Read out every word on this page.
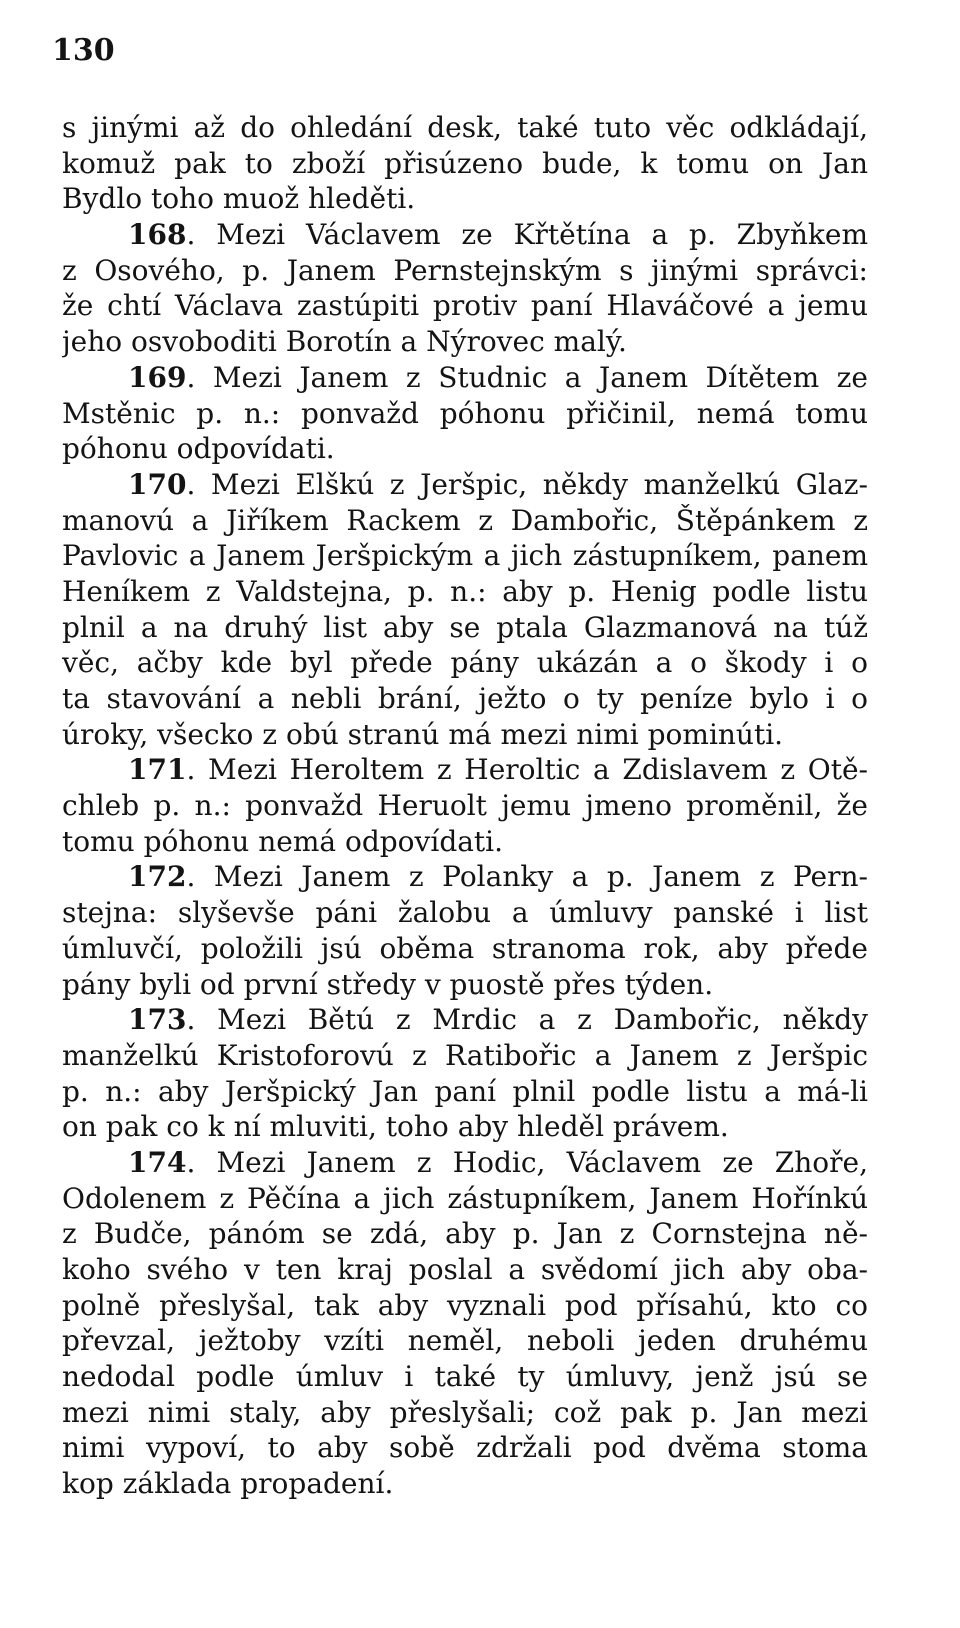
130
s jinými až do ohledání desk, také tuto věc odkládají,
komuž pak to zboží přisúzeno bude, k tomu on Jan
Bydlo toho muož hleděti.
168. Mezi Václavem ze Křtětína a p. Zbyňkem
z Osového, p. Janem Pernstejnským s jinými správci:
že chtí Václava zastúpiti protiv paní Hlaváčové a jemu
jeho osvoboditi Borotín a Nýrovec malý.
169. Mezi Janem z Studnic a Janem Dítětem ze
Mstěnic p. n.: ponvažd póhonu přičinil, nemá tomu
póhonu odpovídati.
170. Mezi Elškú z Jeršpic, někdy manželkú Glaz-
manovú a Jiříkem Rackem z Dambořic, Štěpánkem z
Pavlovic a Janem Jeršpickým a jich zástupníkem, panem
Heníkem z Valdstejna, p. n.: aby p. Henig podle listu
plnil a na druhý list aby se ptala Glazmanová na túž
věc, ačby kde byl přede pány ukázán a o škody i o
ta stavování a nebli brání, ježto o ty peníze bylo i o
úroky, všecko z obú stranú má mezi nimi pominúti.
171. Mezi Heroltem z Heroltic a Zdislavem z Otě-
chleb p. n.: ponvažd Heruolt jemu jmeno proměnil, že
tomu póhonu nemá odpovídati.
172. Mezi Janem z Polanky a p. Janem z Pern-
stejna: slyševše páni žalobu a úmluvy panské i list
úmluvčí, položili jsú oběma stranoma rok, aby přede
pány byli od první středy v puostě přes týden.
173. Mezi Bětú z Mrdic a z Dambořic, někdy
manželkú Kristoforovú z Ratibořic a Janem z Jeršpic
p. n.: aby Jeršpický Jan paní plnil podle listu a má-li
on pak co k ní mluviti, toho aby hleděl právem.
174. Mezi Janem z Hodic, Václavem ze Zhoře,
Odolenem z Pěčína a jich zástupníkem, Janem Hořínkú
z Budče, pánóm se zdá, aby p. Jan z Cornstejna ně-
koho svého v ten kraj poslal a svědomí jich aby oba-
polně přeslyšal, tak aby vyznali pod přísahú, kto co
převzal, ježtoby vzíti neměl, neboli jeden druhému
nedodal podle úmluv i také ty úmluvy, jenž jsú se
mezi nimi staly, aby přeslyšali; což pak p. Jan mezi
nimi vypoví, to aby sobě zdržali pod dvěma stoma
kop základa propadení.
